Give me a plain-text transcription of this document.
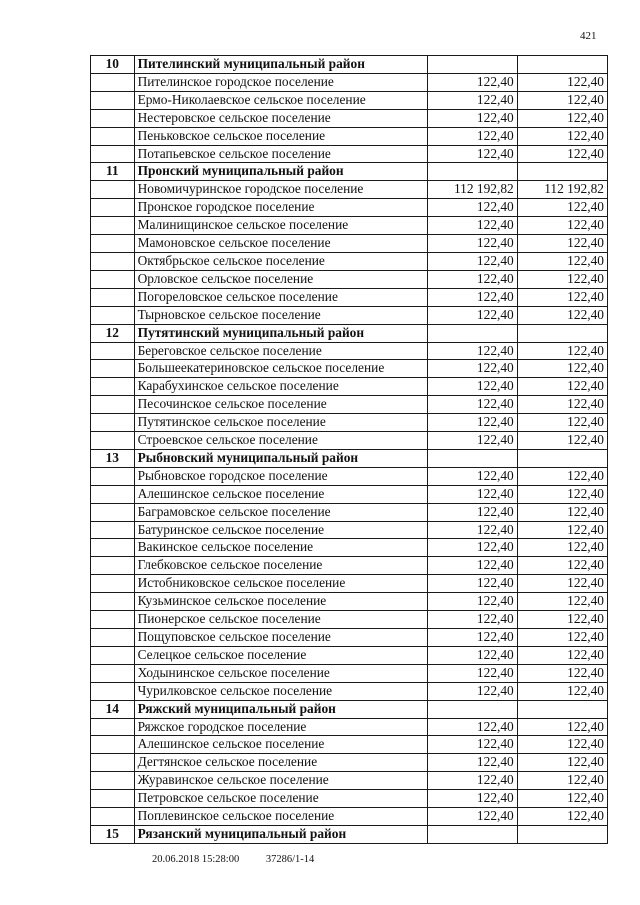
421
10	Пителинский муниципальный район		
	Пителинское городское поселение	122,40	122,40
	Ермо-Николаевское сельское поселение	122,40	122,40
	Нестеровское сельское поселение	122,40	122,40
	Пеньковское сельское поселение	122,40	122,40
	Потапьевское сельское поселение	122,40	122,40
11	Пронский муниципальный район		
	Новомичуринское городское поселение	112 192,82	112 192,82
	Пронское городское поселение	122,40	122,40
	Малинищинское сельское поселение	122,40	122,40
	Мамоновское сельское поселение	122,40	122,40
	Октябрьское сельское поселение	122,40	122,40
	Орловское сельское поселение	122,40	122,40
	Погореловское сельское поселение	122,40	122,40
	Тырновское сельское поселение	122,40	122,40
12	Путятинский муниципальный район		
	Береговское сельское поселение	122,40	122,40
	Большеекатериновское сельское поселение	122,40	122,40
	Карабухинское сельское поселение	122,40	122,40
	Песочинское сельское поселение	122,40	122,40
	Путятинское сельское поселение	122,40	122,40
	Строевское сельское поселение	122,40	122,40
13	Рыбновский муниципальный район		
	Рыбновское городское поселение	122,40	122,40
	Алешинское сельское поселение	122,40	122,40
	Баграмовское сельское поселение	122,40	122,40
	Батуринское сельское поселение	122,40	122,40
	Вакинское сельское поселение	122,40	122,40
	Глебковское сельское поселение	122,40	122,40
	Истобниковское сельское поселение	122,40	122,40
	Кузьминское сельское поселение	122,40	122,40
	Пионерское сельское поселение	122,40	122,40
	Пощуповское сельское поселение	122,40	122,40
	Селецкое сельское поселение	122,40	122,40
	Ходынинское сельское поселение	122,40	122,40
	Чурилковское сельское поселение	122,40	122,40
14	Ряжский муниципальный район		
	Ряжское городское поселение	122,40	122,40
	Алешинское сельское поселение	122,40	122,40
	Дегтянское сельское поселение	122,40	122,40
	Журавинское сельское поселение	122,40	122,40
	Петровское сельское поселение	122,40	122,40
	Поплевинское сельское поселение	122,40	122,40
15	Рязанский муниципальный район		
20.06.2018 15:28:00	37286/1-14
